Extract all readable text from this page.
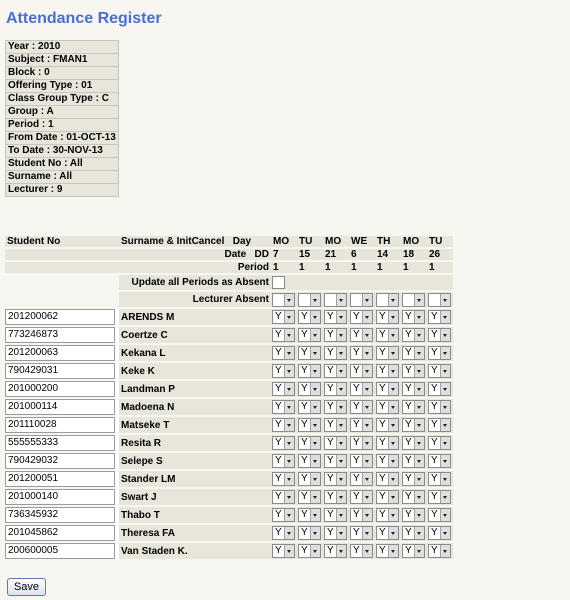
Attendance Register
Year : 2010
Subject : FMAN1
Block : 0
Offering Type : 01
Class Group Type : C
Group : A
Period : 1
From Date : 01-OCT-13
To Date : 30-NOV-13
Student No : All
Surname : All
Lecturer : 9
Student No	Surname & InitCancel Day	MO	TU	MO	WE	TH	MO	TU
	Date DD	7	15	21	6	14	18	26
	Period	1	1	1	1	1	1	1
	Update all Periods as Absent							
	Lecturer Absent	

201200062	ARENDS M	Y	Y	Y	Y	Y	Y	Y

773246873	Coertze C	Y	Y	Y	Y	Y	Y	Y

201200063	Kekana L	Y	Y	Y	Y	Y	Y	Y

790429031	Keke K	Y	Y	Y	Y	Y	Y	Y

201000200	Landman P	Y	Y	Y	Y	Y	Y	Y

201000114	Madoena N	Y	Y	Y	Y	Y	Y	Y

201110028	Matseke T	Y	Y	Y	Y	Y	Y	Y

555555333	Resita R	Y	Y	Y	Y	Y	Y	Y

790429032	Selepe S	Y	Y	Y	Y	Y	Y	Y

201200051	Stander LM	Y	Y	Y	Y	Y	Y	Y

201000140	Swart J	Y	Y	Y	Y	Y	Y	Y

736345932	Thabo T	Y	Y	Y	Y	Y	Y	Y

201045862	Theresa FA	Y	Y	Y	Y	Y	Y	Y

200600005	Van Staden K.	Y	Y	Y	Y	Y	Y	Y
Save
